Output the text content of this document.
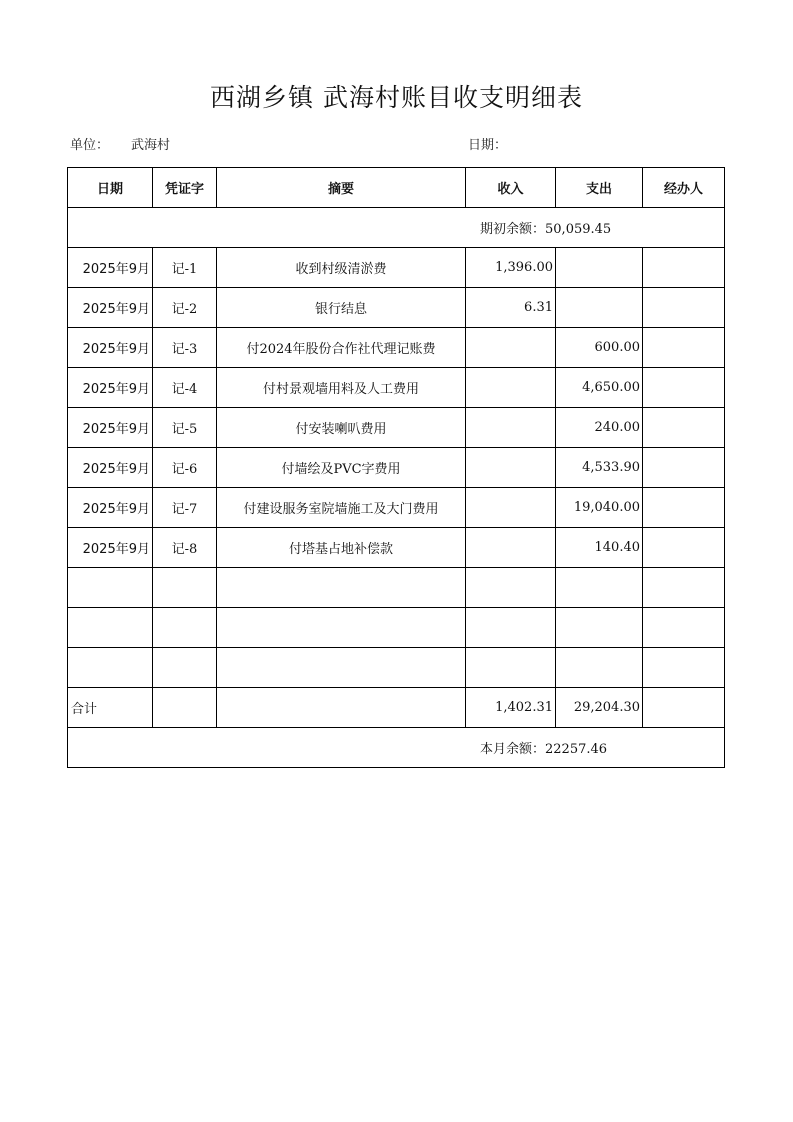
西湖乡镇 武海村账目收支明细表
单位： 武海村	日期：
日期	凭证字	摘要	收入	支出	经办人
期初余额：50,059.45					
2025年9月	记-1	收到村级清淤费	1,396.00		
2025年9月	记-2	银行结息	6.31		
2025年9月	记-3	付2024年股份合作社代理记账费		600.00	
2025年9月	记-4	付村景观墙用料及人工费用		4,650.00	
2025年9月	记-5	付安装喇叭费用		240.00	
2025年9月	记-6	付墙绘及PVC字费用		4,533.90	
2025年9月	记-7	付建设服务室院墙施工及大门费用		19,040.00	
2025年9月	记-8	付塔基占地补偿款		140.40	

合计			1,402.31	29,204.30	
本月余额：22257.46					
